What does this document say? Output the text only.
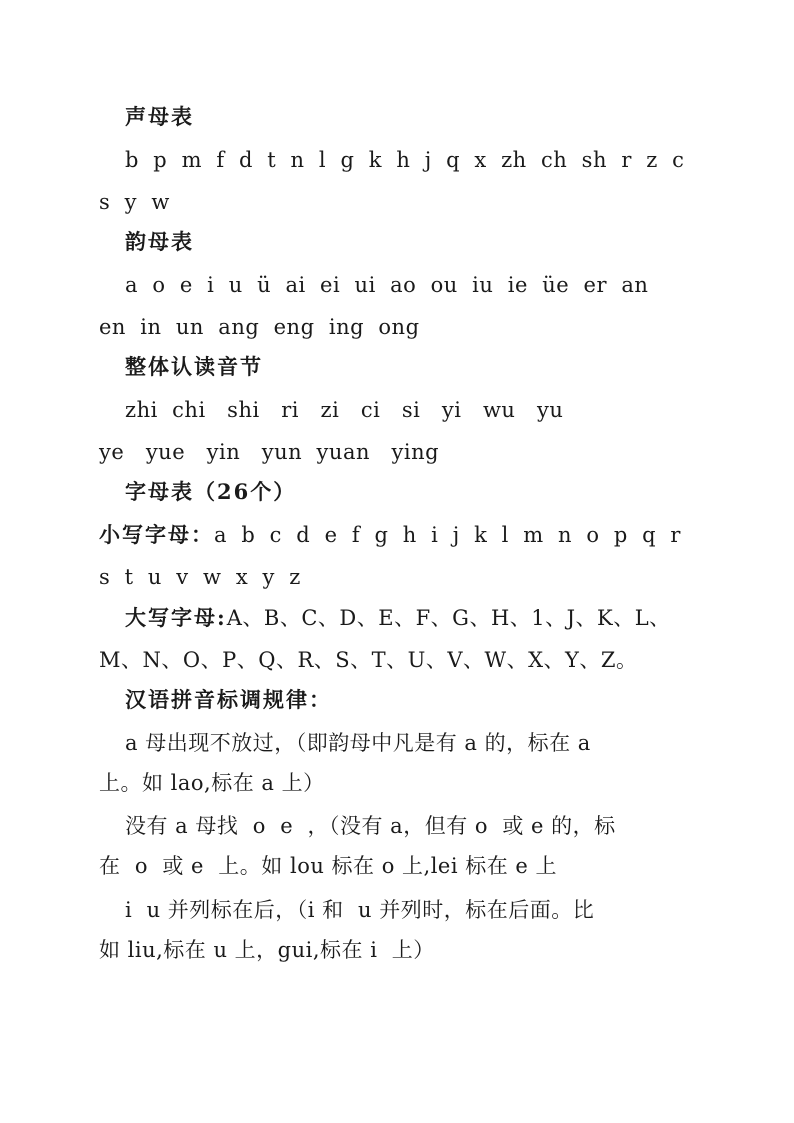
声母表
b  p  m  f  d  t  n  l  g  k  h  j  q  x  zh  ch  sh  r  z  c
s  y  w
韵母表
a  o  e  i  u  ü  ai  ei  ui  ao  ou  iu  ie  üe  er  an
en  in  un  ang  eng  ing  ong
整体认读音节
zhi  chi   shi   ri   zi   ci   si   yi   wu   yu
ye   yue   yin   yun  yuan   ying
字母表（26个）
小写字母：a  b  c  d  e  f  g  h  i  j  k  l  m  n  o  p  q  r
s  t  u  v  w  x  y  z
大写字母:A、B、C、D、E、F、G、H、1、J、K、L、
M、N、O、P、Q、R、S、T、U、V、W、X、Y、Z。
汉语拼音标调规律：
a 母出现不放过，（即韵母中凡是有 a 的，标在 a
上。如 lao,标在 a 上）
没有 a 母找  o  e  ，（没有 a，但有 o  或 e 的，标
在  o  或 e  上。如 lou 标在 o 上,lei 标在 e 上
i  u 并列标在后，（i 和  u 并列时，标在后面。比
如 liu,标在 u 上，gui,标在 i  上）
